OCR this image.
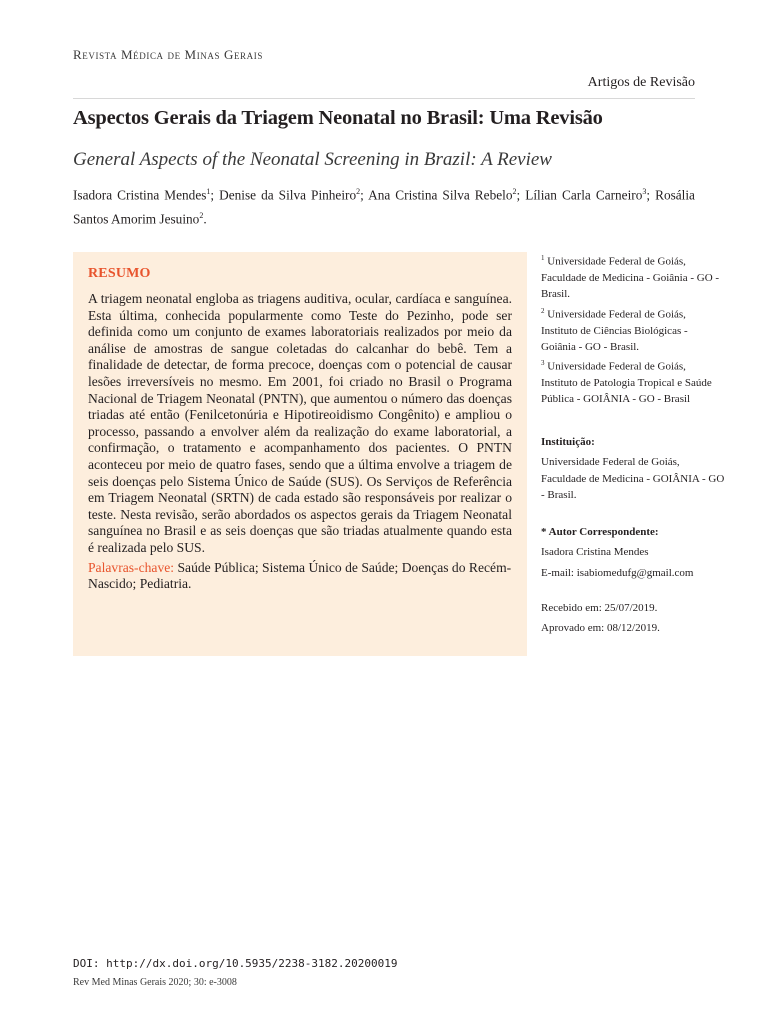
Revista Médica de Minas Gerais
Artigos de Revisão
Aspectos Gerais da Triagem Neonatal no Brasil: Uma Revisão
General Aspects of the Neonatal Screening in Brazil: A Review
Isadora Cristina Mendes$^1$; Denise da Silva Pinheiro$^2$; Ana Cristina Silva Rebelo$^2$; Lílian Carla Carneiro$^3$; Rosália Santos Amorim Jesuino$^2$.
RESUMO

A triagem neonatal engloba as triagens auditiva, ocular, cardíaca e sanguínea. Esta última, conhecida popularmente como Teste do Pezinho, pode ser definida como um conjunto de exames laboratoriais realizados por meio da análise de amostras de sangue coletadas do calcanhar do bebê. Tem a finalidade de detectar, de forma precoce, doenças com o potencial de causar lesões irreversíveis no mesmo. Em 2001, foi criado no Brasil o Programa Nacional de Triagem Neonatal (PNTN), que aumentou o número das doenças triadas até então (Fenilcetonúria e Hipotireoidismo Congênito) e ampliou o processo, passando a envolver além da realização do exame laboratorial, a confirmação, o tratamento e acompanhamento dos pacientes. O PNTN aconteceu por meio de quatro fases, sendo que a última envolve a triagem de seis doenças pelo Sistema Único de Saúde (SUS). Os Serviços de Referência em Triagem Neonatal (SRTN) de cada estado são responsáveis por realizar o teste. Nesta revisão, serão abordados os aspectos gerais da Triagem Neonatal sanguínea no Brasil e as seis doenças que são triadas atualmente quando esta é realizada pelo SUS.

Palavras-chave: Saúde Pública; Sistema Único de Saúde; Doenças do Recém-Nascido; Pediatria.

$^1$ Universidade Federal de Goiás, Faculdade de Medicina - Goiânia - GO - Brasil.
$^2$ Universidade Federal de Goiás, Instituto de Ciências Biológicas - Goiânia - GO - Brasil.
$^3$ Universidade Federal de Goiás, Instituto de Patologia Tropical e Saúde Pública - GOIÂNIA - GO - Brasil
Instituição:
Universidade Federal de Goiás, Faculdade de Medicina - GOIÂNIA - GO - Brasil.
* Autor Correspondente:
Isadora Cristina Mendes
E-mail: isabiomedufg@gmail.com
Recebido em: 25/07/2019.
Aprovado em: 08/12/2019.
DOI: http://dx.doi.org/10.5935/2238-3182.20200019
Rev Med Minas Gerais 2020; 30: e-3008
